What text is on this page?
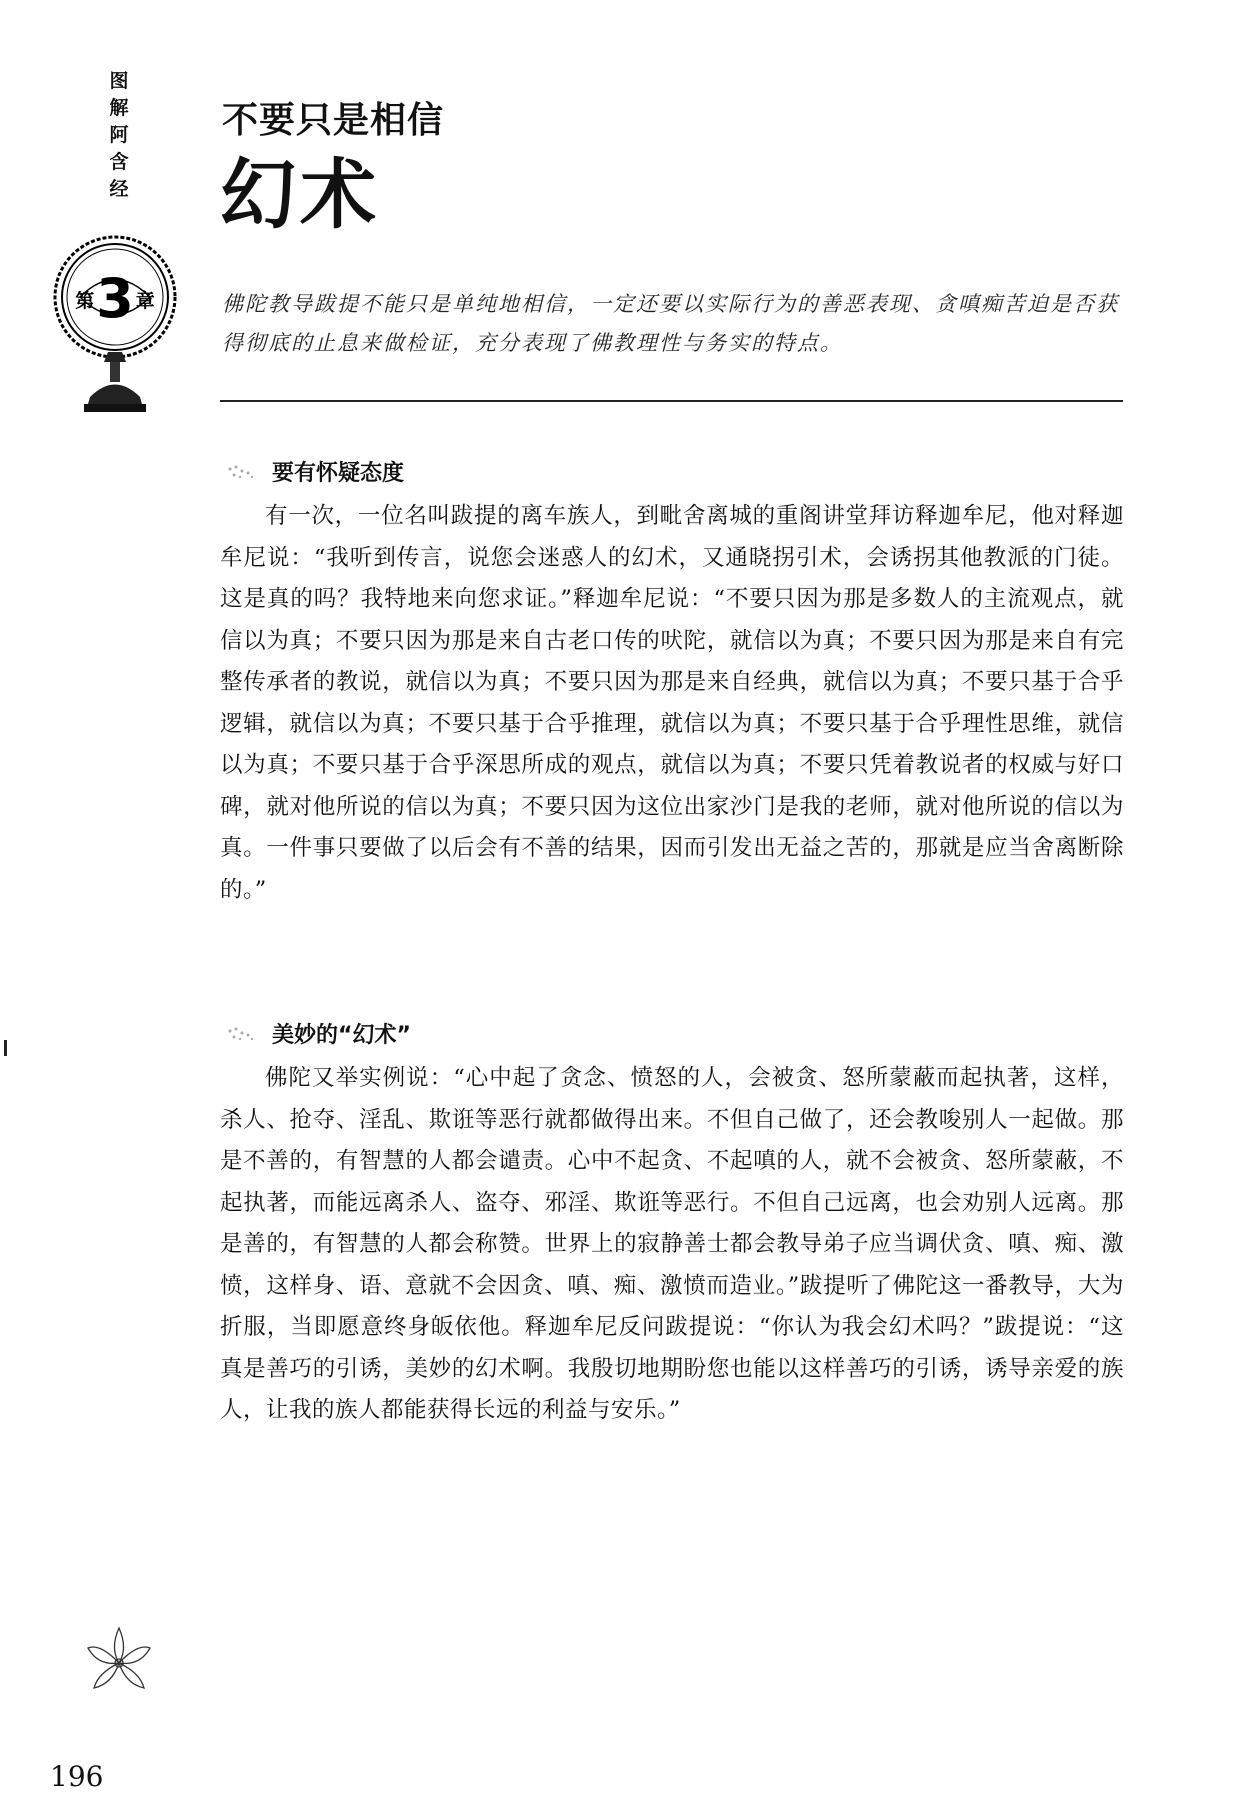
图
解
阿
含
经
第 3 章
不要只是相信
幻术
佛陀教导跋提不能只是单纯地相信，一定还要以实际行为的善恶表现、贪嗔痴苦迫是否获得彻底的止息来做检证，充分表现了佛教理性与务实的特点。
要有怀疑态度

有一次，一位名叫跋提的离车族人，到毗舍离城的重阁讲堂拜访释迦牟尼，他对释迦牟尼说：“我听到传言，说您会迷惑人的幻术，又通晓拐引术，会诱拐其他教派的门徒。这是真的吗？我特地来向您求证。”释迦牟尼说：“不要只因为那是多数人的主流观点，就信以为真；不要只因为那是来自古老口传的吠陀，就信以为真；不要只因为那是来自有完整传承者的教说，就信以为真；不要只因为那是来自经典，就信以为真；不要只基于合乎逻辑，就信以为真；不要只基于合乎推理，就信以为真；不要只基于合乎理性思维，就信以为真；不要只基于合乎深思所成的观点，就信以为真；不要只凭着教说者的权威与好口碑，就对他所说的信以为真；不要只因为这位出家沙门是我的老师，就对他所说的信以为真。一件事只要做了以后会有不善的结果，因而引发出无益之苦的，那就是应当舍离断除的。”

美妙的“幻术”

佛陀又举实例说：“心中起了贪念、愤怒的人，会被贪、怒所蒙蔽而起执著，这样，杀人、抢夺、淫乱、欺诳等恶行就都做得出来。不但自己做了，还会教唆别人一起做。那是不善的，有智慧的人都会谴责。心中不起贪、不起嗔的人，就不会被贪、怒所蒙蔽，不起执著，而能远离杀人、盗夺、邪淫、欺诳等恶行。不但自己远离，也会劝别人远离。那是善的，有智慧的人都会称赞。世界上的寂静善士都会教导弟子应当调伏贪、嗔、痴、激愤，这样身、语、意就不会因贪、嗔、痴、激愤而造业。”跋提听了佛陀这一番教导，大为折服，当即愿意终身皈依他。释迦牟尼反问跋提说：“你认为我会幻术吗？”跋提说：“这真是善巧的引诱，美妙的幻术啊。我殷切地期盼您也能以这样善巧的引诱，诱导亲爱的族人，让我的族人都能获得长远的利益与安乐。”

196
